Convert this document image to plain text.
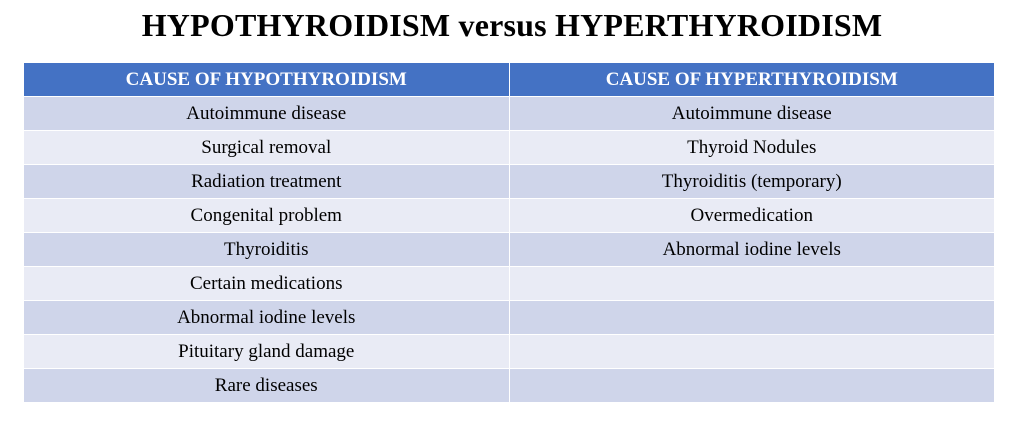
HYPOTHYROIDISM versus HYPERTHYROIDISM
CAUSE OF HYPOTHYROIDISM	CAUSE OF HYPERTHYROIDISM
Autoimmune disease	Autoimmune disease
Surgical removal	Thyroid Nodules
Radiation treatment	Thyroiditis (temporary)
Congenital problem	Overmedication
Thyroiditis	Abnormal iodine levels
Certain medications	
Abnormal iodine levels	
Pituitary gland damage	
Rare diseases	
